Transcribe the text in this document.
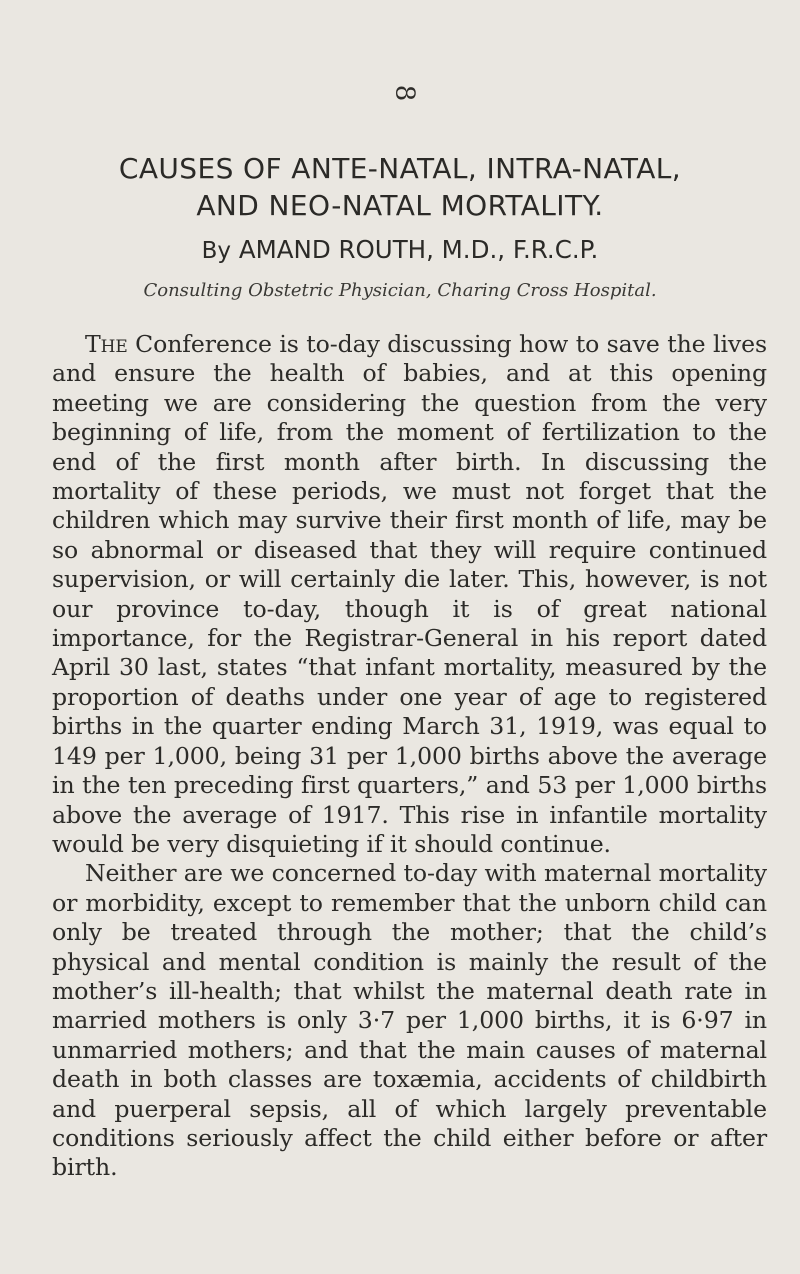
8
CAUSES OF ANTE-NATAL, INTRA-NATAL,
AND NEO-NATAL MORTALITY.
By AMAND ROUTH, M.D., F.R.C.P.
Consulting Obstetric Physician, Charing Cross Hospital.

The Conference is to-day discussing how to save the lives and ensure the health of babies, and at this opening meeting we are considering the question from the very beginning of life, from the moment of fertilization to the end of the first month after birth. In discussing the mortality of these periods, we must not forget that the children which may survive their first month of life, may be so abnormal or diseased that they will require continued supervision, or will certainly die later. This, however, is not our province to-day, though it is of great national importance, for the Registrar-General in his report dated April 30 last, states “that infant mortality, measured by the proportion of deaths under one year of age to registered births in the quarter ending March 31, 1919, was equal to 149 per 1,000, being 31 per 1,000 births above the average in the ten preceding first quarters,” and 53 per 1,000 births above the average of 1917. This rise in infantile mortality would be very disquieting if it should continue.

Neither are we concerned to-day with maternal mortality or morbidity, except to remember that the unborn child can only be treated through the mother; that the child’s physical and mental condition is mainly the result of the mother’s ill-health; that whilst the maternal death rate in married mothers is only 3·7 per 1,000 births, it is 6·97 in unmarried mothers; and that the main causes of maternal death in both classes are toxæmia, accidents of childbirth and puerperal sepsis, all of which largely preventable conditions seriously affect the child either before or after birth.
